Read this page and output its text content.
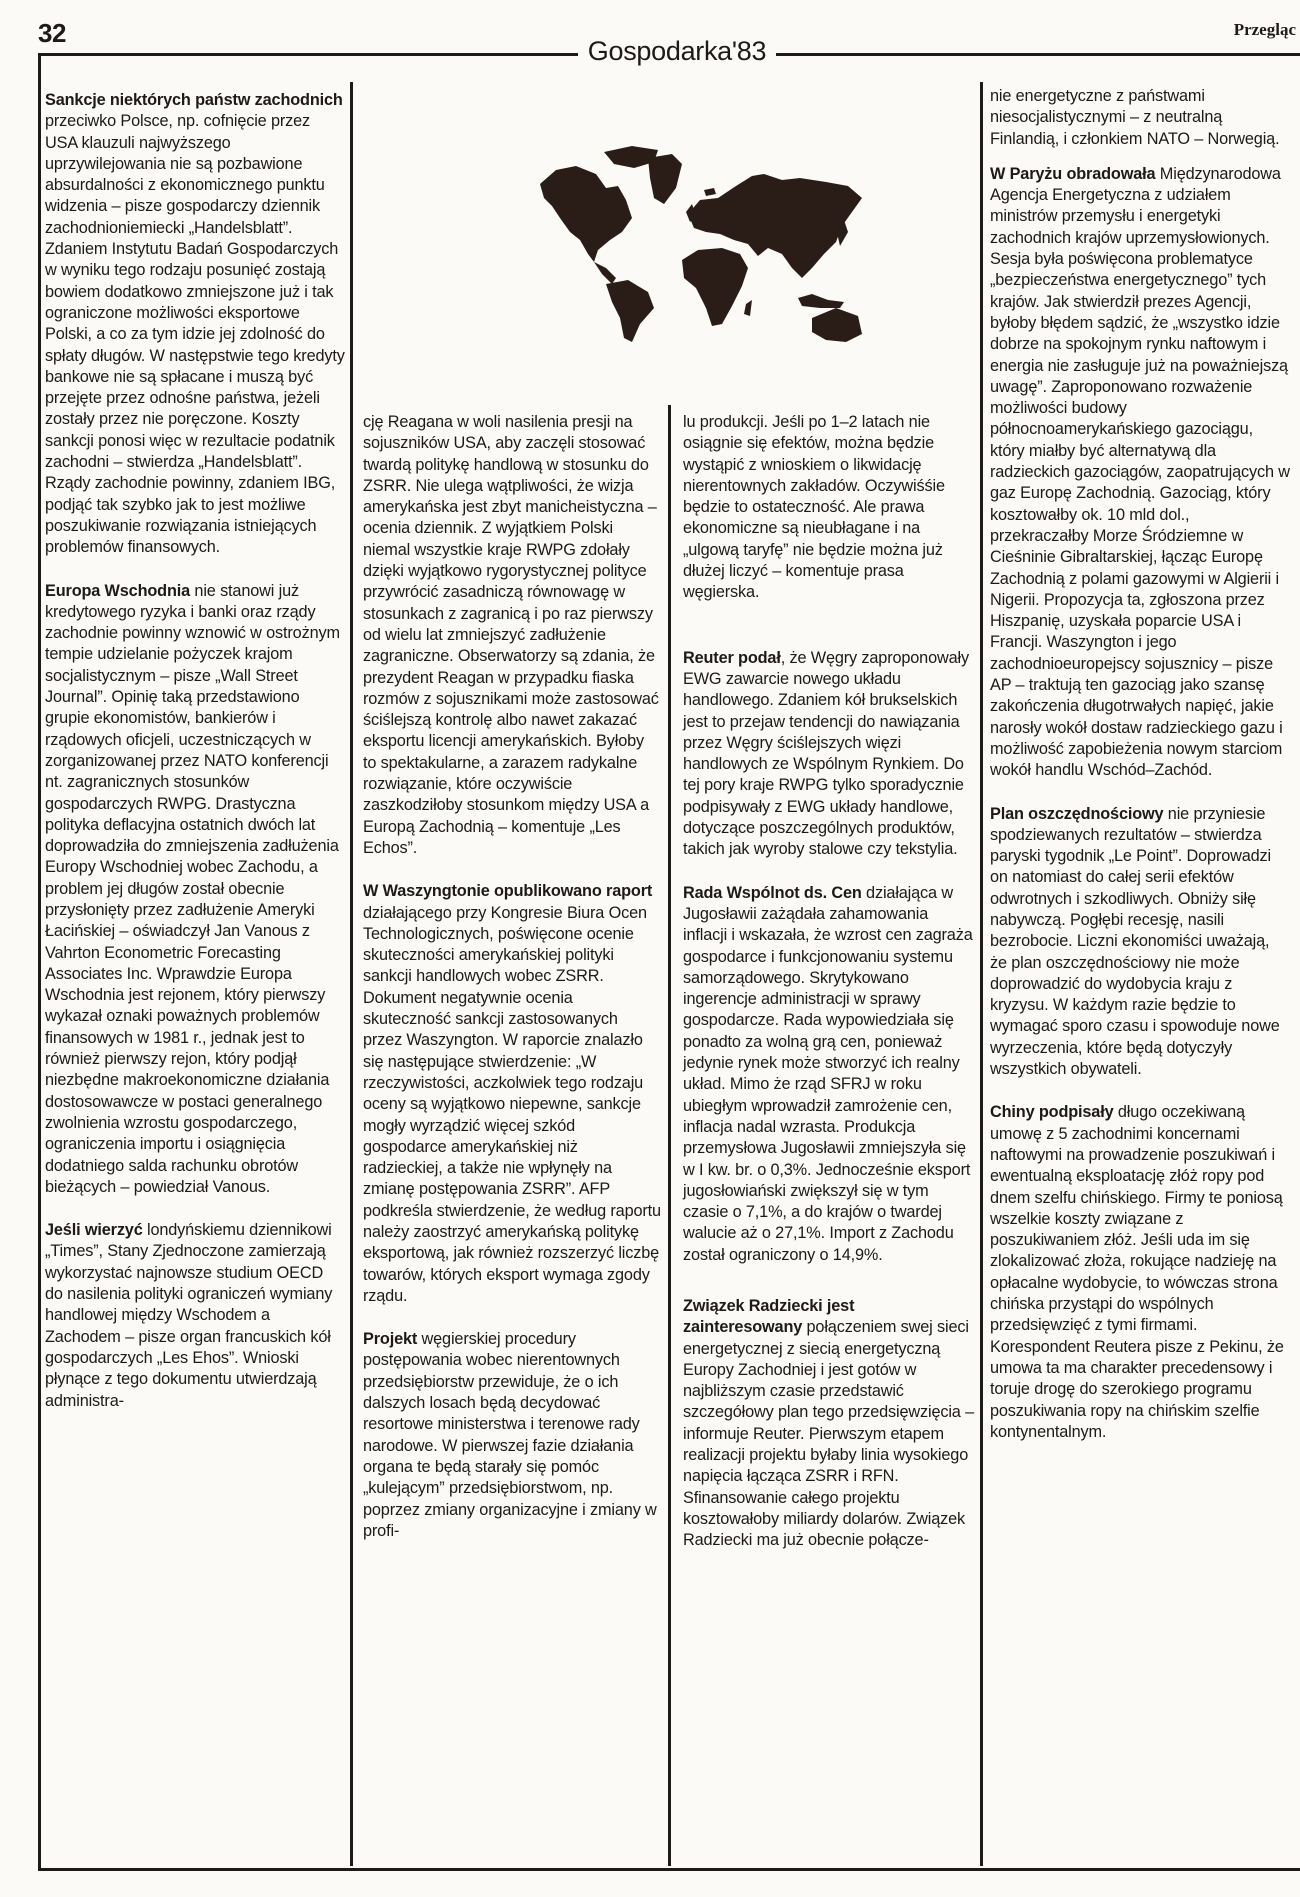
32
Gospodarka'83
Przegląc

Sankcje niektórych państw zachodnich przeciwko Polsce, np. cofnięcie przez USA klauzuli najwyższego uprzywilejowania nie są pozbawione absurdalności z ekonomicznego punktu widzenia – pisze gospodarczy dziennik zachodnioniemiecki „Handelsblatt”. Zdaniem Instytutu Badań Gospodarczych w wyniku tego rodzaju posunięć zostają bowiem dodatkowo zmniejszone już i tak ograniczone możliwości eksportowe Polski, a co za tym idzie jej zdolność do spłaty długów. W następstwie tego kredyty bankowe nie są spłacane i muszą być przejęte przez odnośne państwa, jeżeli zostały przez nie poręczone. Koszty sankcji ponosi więc w rezultacie podatnik zachodni – stwierdza „Handelsblatt”. Rządy zachodnie powinny, zdaniem IBG, podjąć tak szybko jak to jest możliwe poszukiwanie rozwiązania istniejących problemów finansowych.

Europa Wschodnia nie stanowi już kredytowego ryzyka i banki oraz rządy zachodnie powinny wznowić w ostrożnym tempie udzielanie pożyczek krajom socjalistycznym – pisze „Wall Street Journal”. Opinię taką przedstawiono grupie ekonomistów, bankierów i rządowych oficjeli, uczestniczących w zorganizowanej przez NATO konferencji nt. zagranicznych stosunków gospodarczych RWPG. Drastyczna polityka deflacyjna ostatnich dwóch lat doprowadziła do zmniejszenia zadłużenia Europy Wschodniej wobec Zachodu, a problem jej długów został obecnie przysłonięty przez zadłużenie Ameryki Łacińskiej – oświadczył Jan Vanous z Vahrton Econometric Forecasting Associates Inc. Wprawdzie Europa Wschodnia jest rejonem, który pierwszy wykazał oznaki poważnych problemów finansowych w 1981 r., jednak jest to również pierwszy rejon, który podjął niezbędne makroekonomiczne działania dostosowawcze w postaci generalnego zwolnienia wzrostu gospodarczego, ograniczenia importu i osiągnięcia dodatniego salda rachunku obrotów bieżących – powiedział Vanous.

Jeśli wierzyć londyńskiemu dziennikowi „Times”, Stany Zjednoczone zamierzają wykorzystać najnowsze studium OECD do nasilenia polityki ograniczeń wymiany handlowej między Wschodem a Zachodem – pisze organ francuskich kół gospodarczych „Les Ehos”. Wnioski płynące z tego dokumentu utwierdzają administra-

cję Reagana w woli nasilenia presji na sojuszników USA, aby zaczęli stosować twardą politykę handlową w stosunku do ZSRR. Nie ulega wątpliwości, że wizja amerykańska jest zbyt manicheistyczna – ocenia dziennik. Z wyjątkiem Polski niemal wszystkie kraje RWPG zdołały dzięki wyjątkowo rygorystycznej polityce przywrócić zasadniczą równowagę w stosunkach z zagranicą i po raz pierwszy od wielu lat zmniejszyć zadłużenie zagraniczne. Obserwatorzy są zdania, że prezydent Reagan w przypadku fiaska rozmów z sojusznikami może zastosować ściślejszą kontrolę albo nawet zakazać eksportu licencji amerykańskich. Byłoby to spektakularne, a zarazem radykalne rozwiązanie, które oczywiście zaszkodziłoby stosunkom między USA a Europą Zachodnią – komentuje „Les Echos”.

W Waszyngtonie opublikowano raport działającego przy Kongresie Biura Ocen Technologicznych, poświęcone ocenie skuteczności amerykańskiej polityki sankcji handlowych wobec ZSRR. Dokument negatywnie ocenia skuteczność sankcji zastosowanych przez Waszyngton. W raporcie znalazło się następujące stwierdzenie: „W rzeczywistości, aczkolwiek tego rodzaju oceny są wyjątkowo niepewne, sankcje mogły wyrządzić więcej szkód gospodarce amerykańskiej niż radzieckiej, a także nie wpłynęły na zmianę postępowania ZSRR”. AFP podkreśla stwierdzenie, że według raportu należy zaostrzyć amerykańską politykę eksportową, jak również rozszerzyć liczbę towarów, których eksport wymaga zgody rządu.

Projekt węgierskiej procedury postępowania wobec nierentownych przedsiębiorstw przewiduje, że o ich dalszych losach będą decydować resortowe ministerstwa i terenowe rady narodowe. W pierwszej fazie działania organa te będą starały się pomóc „kulejącym” przedsiębiorstwom, np. poprzez zmiany organizacyjne i zmiany w profi-

lu produkcji. Jeśli po 1–2 latach nie osiągnie się efektów, można będzie wystąpić z wnioskiem o likwidację nierentownych zakładów. Oczywiśśie będzie to ostateczność. Ale prawa ekonomiczne są nieubłagane i na „ulgową taryfę” nie będzie można już dłużej liczyć – komentuje prasa węgierska.

Reuter podał, że Węgry zaproponowały EWG zawarcie nowego układu handlowego. Zdaniem kół brukselskich jest to przejaw tendencji do nawiązania przez Węgry ściślejszych więzi handlowych ze Wspólnym Rynkiem. Do tej pory kraje RWPG tylko sporadycznie podpisywały z EWG układy handlowe, dotyczące poszczególnych produktów, takich jak wyroby stalowe czy tekstylia.

Rada Wspólnot ds. Cen działająca w Jugosławii zażądała zahamowania inflacji i wskazała, że wzrost cen zagraża gospodarce i funkcjonowaniu systemu samorządowego. Skrytykowano ingerencje administracji w sprawy gospodarcze. Rada wypowiedziała się ponadto za wolną grą cen, ponieważ jedynie rynek może stworzyć ich realny układ. Mimo że rząd SFRJ w roku ubiegłym wprowadził zamrożenie cen, inflacja nadal wzrasta. Produkcja przemysłowa Jugosławii zmniejszyła się w I kw. br. o 0,3%. Jednocześnie eksport jugosłowiański zwiększył się w tym czasie o 7,1%, a do krajów o twardej walucie aż o 27,1%. Import z Zachodu został ograniczony o 14,9%.

Związek Radziecki jest zainteresowany połączeniem swej sieci energetycznej z siecią energetyczną Europy Zachodniej i jest gotów w najbliższym czasie przedstawić szczegółowy plan tego przedsięwzięcia – informuje Reuter. Pierwszym etapem realizacji projektu byłaby linia wysokiego napięcia łącząca ZSRR i RFN. Sfinansowanie całego projektu kosztowałoby miliardy dolarów. Związek Radziecki ma już obecnie połącze-

nie energetyczne z państwami niesocjalistycznymi – z neutralną Finlandią, i członkiem NATO – Norwegią.

W Paryżu obradowała Międzynarodowa Agencja Energetyczna z udziałem ministrów przemysłu i energetyki zachodnich krajów uprzemysłowionych. Sesja była poświęcona problematyce „bezpieczeństwa energetycznego” tych krajów. Jak stwierdził prezes Agencji, byłoby błędem sądzić, że „wszystko idzie dobrze na spokojnym rynku naftowym i energia nie zasługuje już na poważniejszą uwagę”. Zaproponowano rozważenie możliwości budowy północnoamerykańskiego gazociągu, który miałby być alternatywą dla radzieckich gazociągów, zaopatrujących w gaz Europę Zachodnią. Gazociąg, który kosztowałby ok. 10 mld dol., przekraczałby Morze Śródziemne w Cieśninie Gibraltarskiej, łącząc Europę Zachodnią z polami gazowymi w Algierii i Nigerii. Propozycja ta, zgłoszona przez Hiszpanię, uzyskała poparcie USA i Francji. Waszyngton i jego zachodnioeuropejscy sojusznicy – pisze AP – traktują ten gazociąg jako szansę zakończenia długotrwałych napięć, jakie narosły wokół dostaw radzieckiego gazu i możliwość zapobieżenia nowym starciom wokół handlu Wschód–Zachód.

Plan oszczędnościowy nie przyniesie spodziewanych rezultatów – stwierdza paryski tygodnik „Le Point”. Doprowadzi on natomiast do całej serii efektów odwrotnych i szkodliwych. Obniży siłę nabywczą. Pogłębi recesję, nasili bezrobocie. Liczni ekonomiści uważają, że plan oszczędnościowy nie może doprowadzić do wydobycia kraju z kryzysu. W każdym razie będzie to wymagać sporo czasu i spowoduje nowe wyrzeczenia, które będą dotyczyły wszystkich obywateli.

Chiny podpisały długo oczekiwaną umowę z 5 zachodnimi koncernami naftowymi na prowadzenie poszukiwań i ewentualną eksploatację złóż ropy pod dnem szelfu chińskiego. Firmy te poniosą wszelkie koszty związane z poszukiwaniem złóż. Jeśli uda im się zlokalizować złoża, rokujące nadzieję na opłacalne wydobycie, to wówczas strona chińska przystąpi do wspólnych przedsięwzięć z tymi firmami. Korespondent Reutera pisze z Pekinu, że umowa ta ma charakter precedensowy i toruje drogę do szerokiego programu poszukiwania ropy na chińskim szelfie kontynentalnym.
